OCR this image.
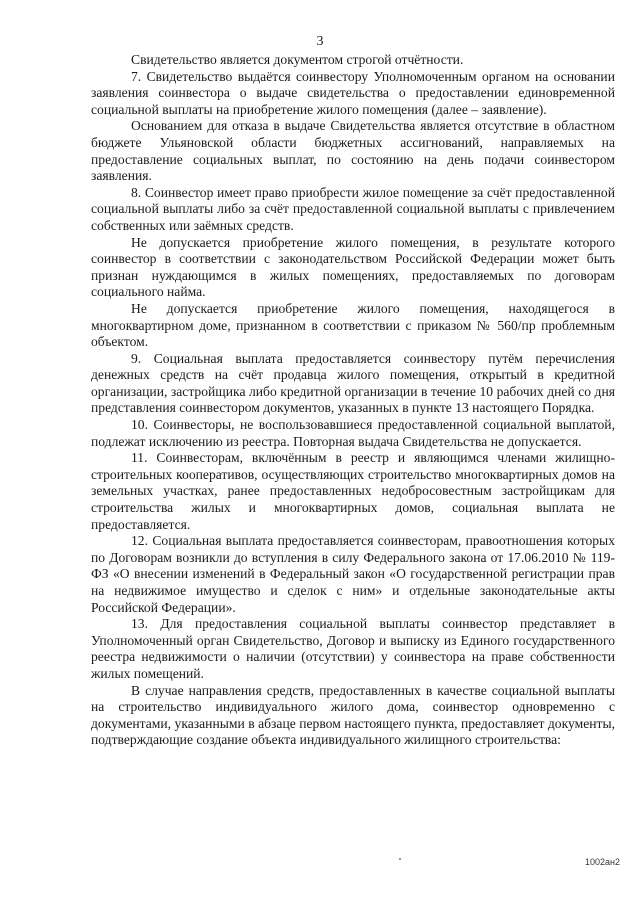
3

Свидетельство является документом строгой отчётности.

7. Свидетельство выдаётся соинвестору Уполномоченным органом на основании заявления соинвестора о выдаче свидетельства о предоставлении единовременной социальной выплаты на приобретение жилого помещения (далее – заявление).

Основанием для отказа в выдаче Свидетельства является отсутствие в областном бюджете Ульяновской области бюджетных ассигнований, направляемых на предоставление социальных выплат, по состоянию на день подачи соинвестором заявления.

8. Соинвестор имеет право приобрести жилое помещение за счёт предоставленной социальной выплаты либо за счёт предоставленной социальной выплаты с привлечением собственных или заёмных средств.

Не допускается приобретение жилого помещения, в результате которого соинвестор в соответствии с законодательством Российской Федерации может быть признан нуждающимся в жилых помещениях, предоставляемых по договорам социального найма.

Не допускается приобретение жилого помещения, находящегося в многоквартирном доме, признанном в соответствии с приказом № 560/пр проблемным объектом.

9. Социальная выплата предоставляется соинвестору путём перечисления денежных средств на счёт продавца жилого помещения, открытый в кредитной организации, застройщика либо кредитной организации в течение 10 рабочих дней со дня представления соинвестором документов, указанных в пункте 13 настоящего Порядка.

10. Соинвесторы, не воспользовавшиеся предоставленной социальной выплатой, подлежат исключению из реестра. Повторная выдача Свидетельства не допускается.

11. Соинвесторам, включённым в реестр и являющимся членами жилищно-строительных кооперативов, осуществляющих строительство многоквартирных домов на земельных участках, ранее предоставленных недобросовестным застройщикам для строительства жилых и многоквартирных домов, социальная выплата не предоставляется.

12. Социальная выплата предоставляется соинвесторам, правоотношения которых по Договорам возникли до вступления в силу Федерального закона от 17.06.2010 № 119-ФЗ «О внесении изменений в Федеральный закон «О государственной регистрации прав на недвижимое имущество и сделок с ним» и отдельные законодательные акты Российской Федерации».

13. Для предоставления социальной выплаты соинвестор представляет в Уполномоченный орган Свидетельство, Договор и выписку из Единого государственного реестра недвижимости о наличии (отсутствии) у соинвестора на праве собственности жилых помещений.

В случае направления средств, предоставленных в качестве социальной выплаты на строительство индивидуального жилого дома, соинвестор одновременно с документами, указанными в абзаце первом настоящего пункта, предоставляет документы, подтверждающие создание объекта индивидуального жилищного строительства:

1002ан2
